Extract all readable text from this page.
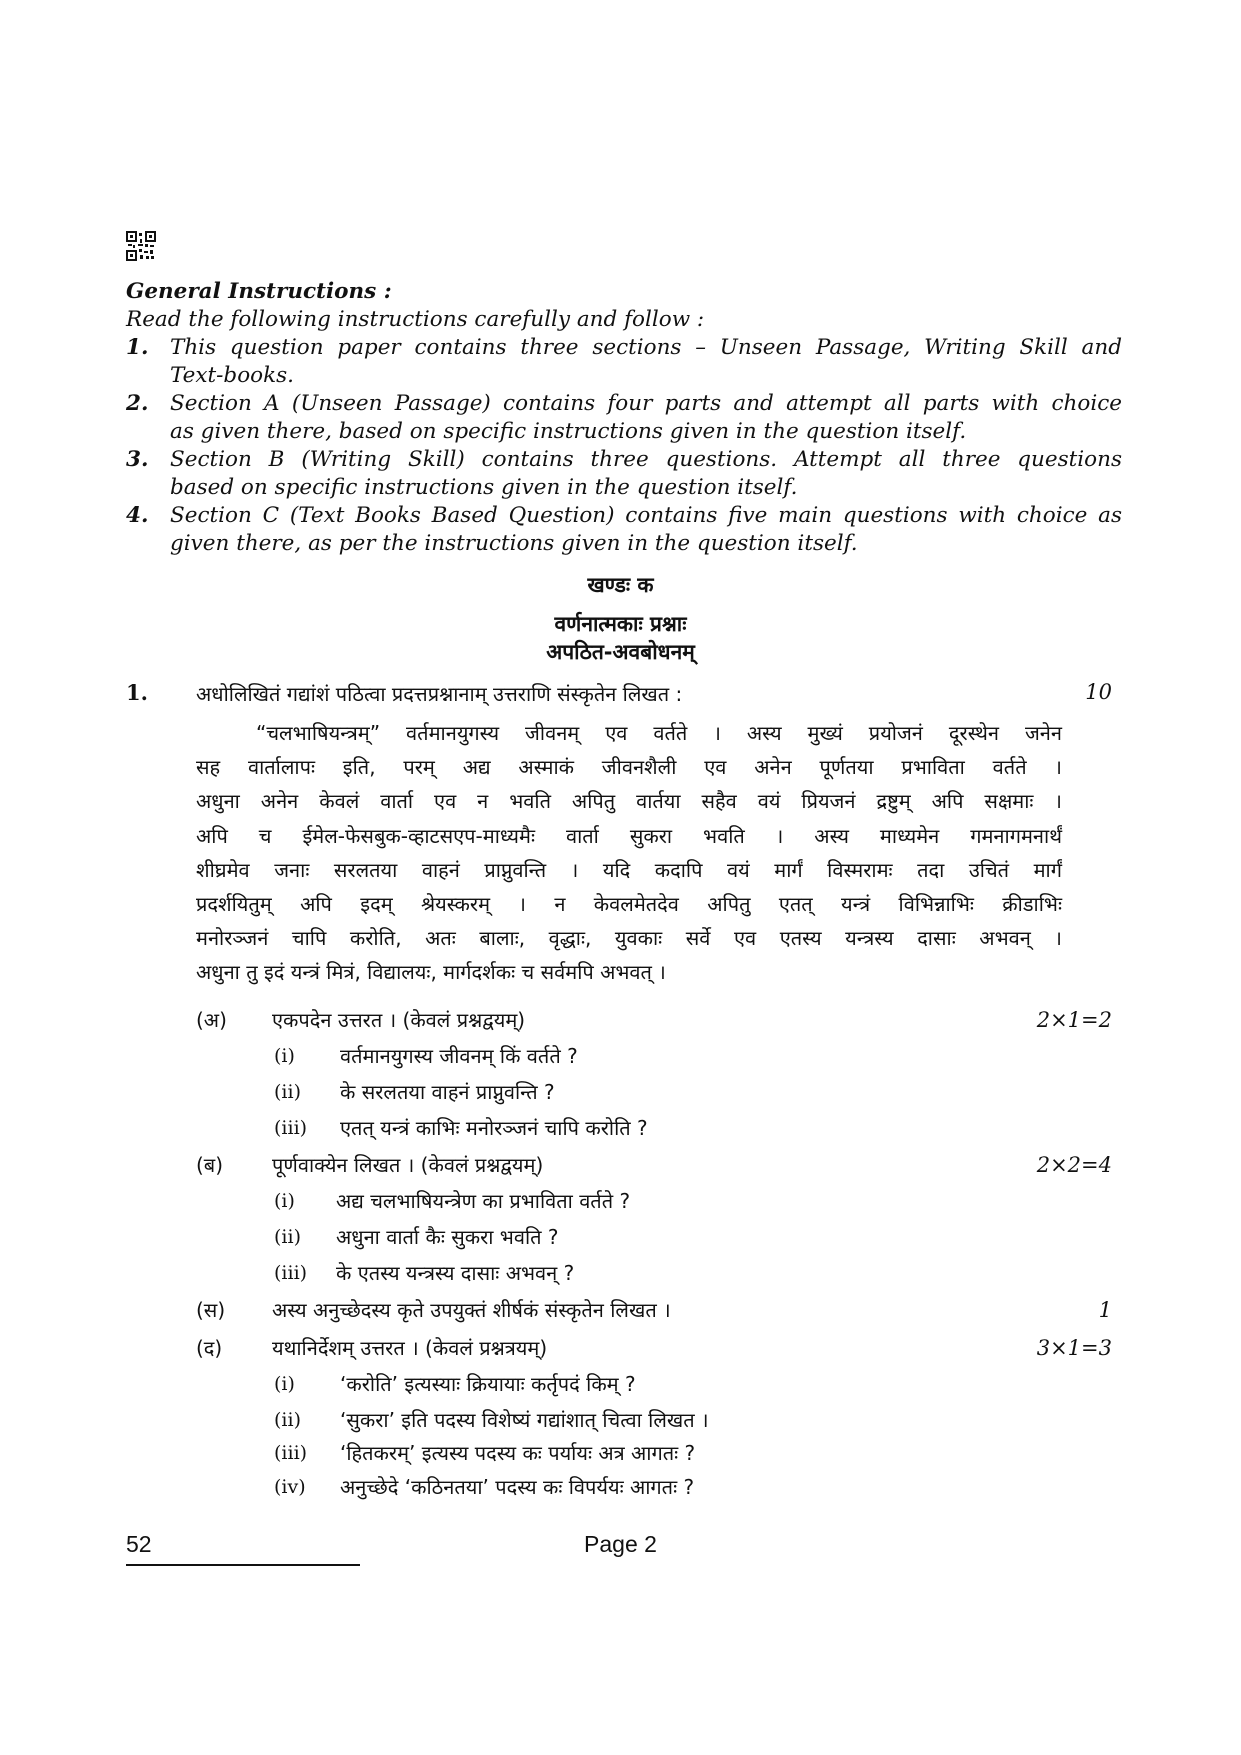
General Instructions :
Read the following instructions carefully and follow :
1.	This question paper contains three sections – Unseen Passage, Writing Skill and
Text-books.
2.	Section A (Unseen Passage) contains four parts and attempt all parts with choice
as given there, based on specific instructions given in the question itself.
3.	Section B (Writing Skill) contains three questions. Attempt all three questions
based on specific instructions given in the question itself.
4.	Section C (Text Books Based Question) contains five main questions with choice as
given there, as per the instructions given in the question itself.
खण्डः क
वर्णनात्मकाः प्रश्नाः
अपठित-अवबोधनम्
1. अधोलिखितं गद्यांशं पठित्वा प्रदत्तप्रश्नानाम् उत्तराणि संस्कृतेन लिखत :	10
“चलभाषियन्त्रम्” वर्तमानयुगस्य जीवनम् एव वर्तते । अस्य मुख्यं प्रयोजनं दूरस्थेन जनेन
सह वार्तालापः इति, परम् अद्य अस्माकं जीवनशैली एव अनेन पूर्णतया प्रभाविता वर्तते ।
अधुना अनेन केवलं वार्ता एव न भवति अपितु वार्तया सहैव वयं प्रियजनं द्रष्टुम् अपि सक्षमाः ।
अपि च ईमेल-फेसबुक-व्हाटसएप-माध्यमैः वार्ता सुकरा भवति । अस्य माध्यमेन गमनागमनार्थं
शीघ्रमेव जनाः सरलतया वाहनं प्राप्नुवन्ति । यदि कदापि वयं मार्गं विस्मरामः तदा उचितं मार्गं
प्रदर्शयितुम् अपि इदम् श्रेयस्करम् । न केवलमेतदेव अपितु एतत् यन्त्रं विभिन्नाभिः क्रीडाभिः
मनोरञ्जनं चापि करोति, अतः बालाः, वृद्धाः, युवकाः सर्वे एव एतस्य यन्त्रस्य दासाः अभवन् ।
अधुना तु इदं यन्त्रं मित्रं, विद्यालयः, मार्गदर्शकः च सर्वमपि अभवत् ।
(अ) एकपदेन उत्तरत । (केवलं प्रश्नद्वयम्)	2×1=2
(i) वर्तमानयुगस्य जीवनम् किं वर्तते ?
(ii) के सरलतया वाहनं प्राप्नुवन्ति ?
(iii) एतत् यन्त्रं काभिः मनोरञ्जनं चापि करोति ?
(ब) पूर्णवाक्येन लिखत । (केवलं प्रश्नद्वयम्)	2×2=4
(i) अद्य चलभाषियन्त्रेण का प्रभाविता वर्तते ?
(ii) अधुना वार्ता कैः सुकरा भवति ?
(iii) के एतस्य यन्त्रस्य दासाः अभवन् ?
(स) अस्य अनुच्छेदस्य कृते उपयुक्तं शीर्षकं संस्कृतेन लिखत ।	1
(द) यथानिर्देशम् उत्तरत । (केवलं प्रश्नत्रयम्)	3×1=3
(i) ‘करोति’ इत्यस्याः क्रियायाः कर्तृपदं किम् ?
(ii) ‘सुकरा’ इति पदस्य विशेष्यं गद्यांशात् चित्वा लिखत ।
(iii) ‘हितकरम्’ इत्यस्य पदस्य कः पर्यायः अत्र आगतः ?
(iv) अनुच्छेदे ‘कठिनतया’ पदस्य कः विपर्ययः आगतः ?
52	Page 2
